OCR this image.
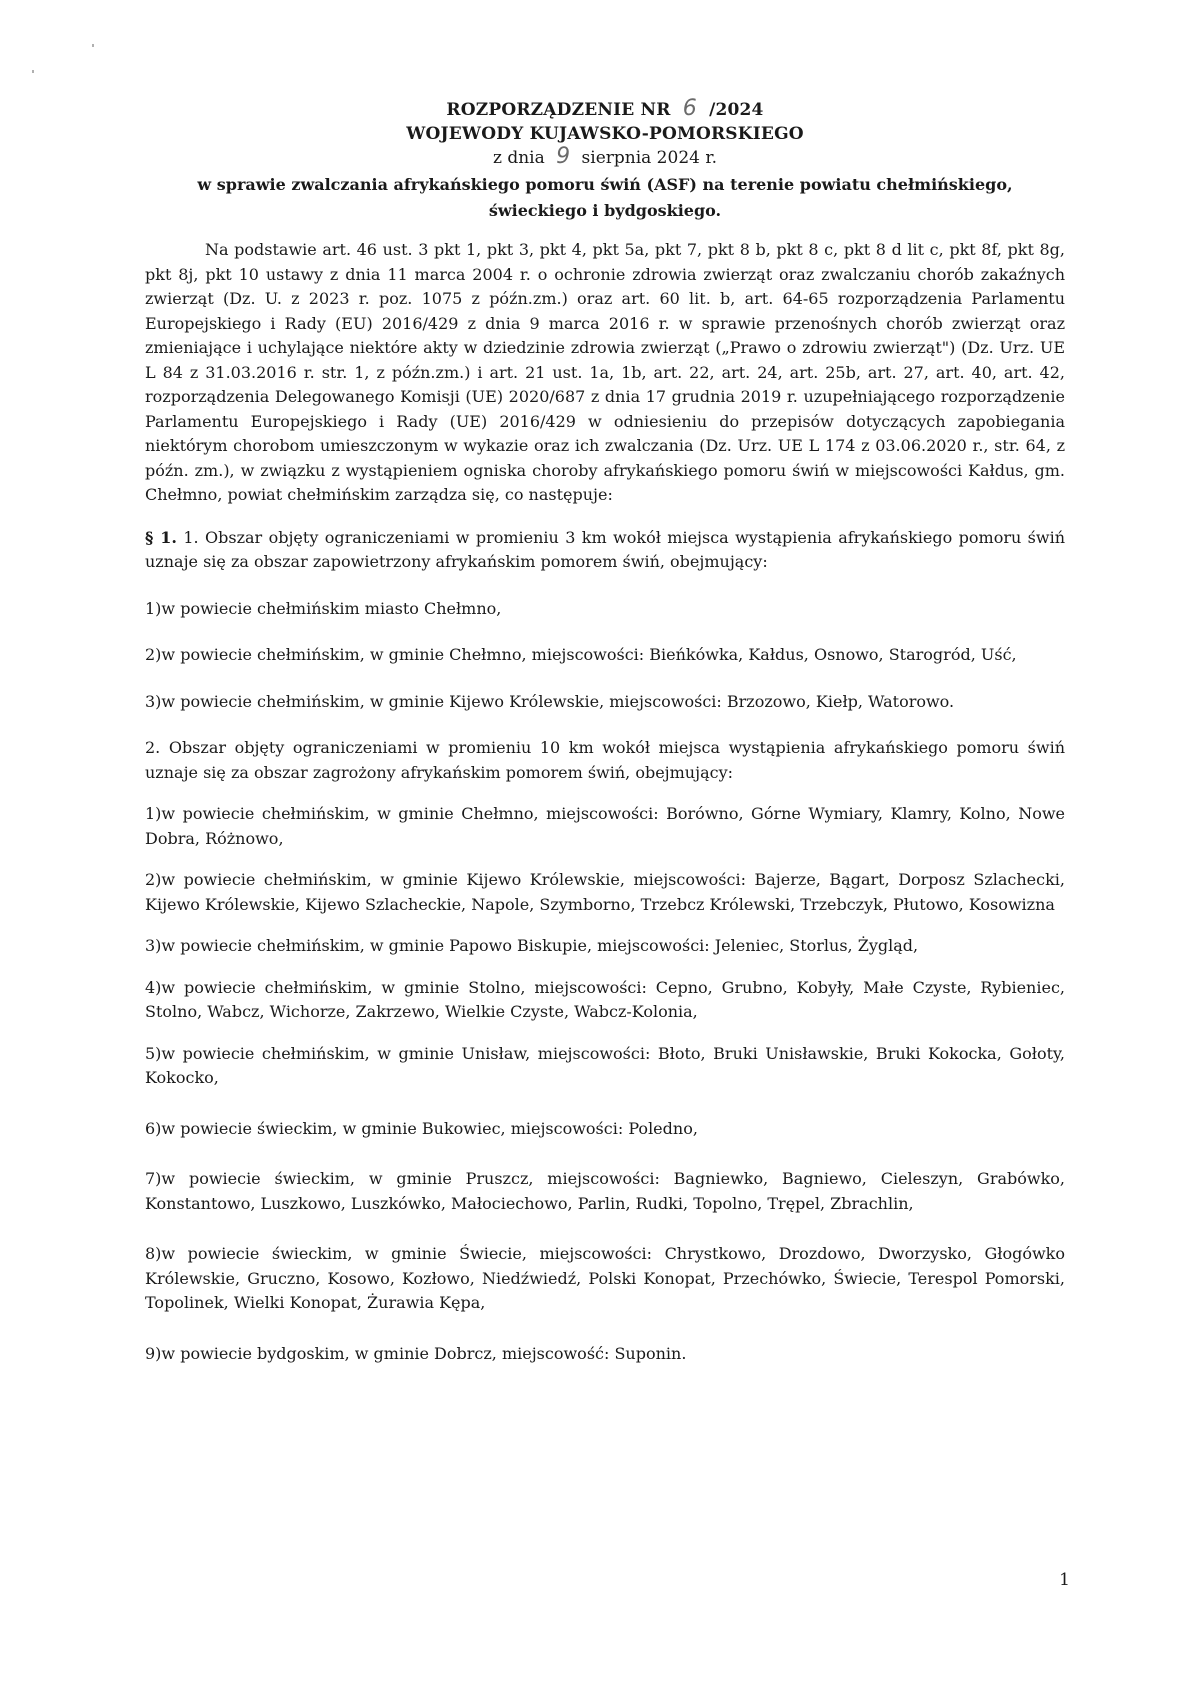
ROZPORZĄDZENIE NR 6 /2024
WOJEWODY KUJAWSKO-POMORSKIEGO
z dnia 9 sierpnia 2024 r.
w sprawie zwalczania afrykańskiego pomoru świń (ASF) na terenie powiatu chełmińskiego, świeckiego i bydgoskiego.
Na podstawie art. 46 ust. 3 pkt 1, pkt 3, pkt 4, pkt 5a, pkt 7, pkt 8 b, pkt 8 c, pkt 8 d lit c, pkt 8f, pkt 8g, pkt 8j, pkt 10 ustawy z dnia 11 marca 2004 r. o ochronie zdrowia zwierząt oraz zwalczaniu chorób zakaźnych zwierząt (Dz. U. z 2023 r. poz. 1075 z późn.zm.) oraz art. 60 lit. b, art. 64-65 rozporządzenia Parlamentu Europejskiego i Rady (EU) 2016/429 z dnia 9 marca 2016 r. w sprawie przenośnych chorób zwierząt oraz zmieniające i uchylające niektóre akty w dziedzinie zdrowia zwierząt („Prawo o zdrowiu zwierząt") (Dz. Urz. UE L 84 z 31.03.2016 r. str. 1, z późn.zm.) i art. 21 ust. 1a, 1b, art. 22, art. 24, art. 25b, art. 27, art. 40, art. 42, rozporządzenia Delegowanego Komisji (UE) 2020/687 z dnia 17 grudnia 2019 r. uzupełniającego rozporządzenie Parlamentu Europejskiego i Rady (UE) 2016/429 w odniesieniu do przepisów dotyczących zapobiegania niektórym chorobom umieszczonym w wykazie oraz ich zwalczania (Dz. Urz. UE L 174 z 03.06.2020 r., str. 64, z późn. zm.), w związku z wystąpieniem ogniska choroby afrykańskiego pomoru świń w miejscowości Kałdus, gm. Chełmno, powiat chełmińskim zarządza się, co następuje:
§ 1. 1. Obszar objęty ograniczeniami w promieniu 3 km wokół miejsca wystąpienia afrykańskiego pomoru świń uznaje się za obszar zapowietrzony afrykańskim pomorem świń, obejmujący:
1)w powiecie chełmińskim miasto Chełmno,
2)w powiecie chełmińskim, w gminie Chełmno, miejscowości: Bieńkówka, Kałdus, Osnowo, Starogród, Uść,
3)w powiecie chełmińskim, w gminie Kijewo Królewskie, miejscowości: Brzozowo, Kiełp, Watorowo.
2. Obszar objęty ograniczeniami w promieniu 10 km wokół miejsca wystąpienia afrykańskiego pomoru świń uznaje się za obszar zagrożony afrykańskim pomorem świń, obejmujący:
1)w powiecie chełmińskim, w gminie Chełmno, miejscowości: Borówno, Górne Wymiary, Klamry, Kolno, Nowe Dobra, Różnowo,
2)w powiecie chełmińskim, w gminie Kijewo Królewskie, miejscowości: Bajerze, Bągart, Dorposz Szlachecki, Kijewo Królewskie, Kijewo Szlacheckie, Napole, Szymborno, Trzebcz Królewski, Trzebczyk, Płutowo, Kosowizna
3)w powiecie chełmińskim, w gminie Papowo Biskupie, miejscowości: Jeleniec, Storlus, Żygląd,
4)w powiecie chełmińskim, w gminie Stolno, miejscowości: Cepno, Grubno, Kobyły, Małe Czyste, Rybieniec, Stolno, Wabcz, Wichorze, Zakrzewo, Wielkie Czyste, Wabcz-Kolonia,
5)w powiecie chełmińskim, w gminie Unisław, miejscowości: Błoto, Bruki Unisławskie, Bruki Kokocka, Gołoty, Kokocko,
6)w powiecie świeckim, w gminie Bukowiec, miejscowości: Poledno,
7)w powiecie świeckim, w gminie Pruszcz, miejscowości: Bagniewko, Bagniewo, Cieleszyn, Grabówko, Konstantowo, Luszkowo, Luszkówko, Małociechowo, Parlin, Rudki, Topolno, Trępel, Zbrachlin,
8)w powiecie świeckim, w gminie Świecie, miejscowości: Chrystkowo, Drozdowo, Dworzysko, Głogówko Królewskie, Gruczno, Kosowo, Kozłowo, Niedźwiedź, Polski Konopat, Przechówko, Świecie, Terespol Pomorski, Topolinek, Wielki Konopat, Żurawia Kępa,
9)w powiecie bydgoskim, w gminie Dobrcz, miejscowość: Suponin.
1
